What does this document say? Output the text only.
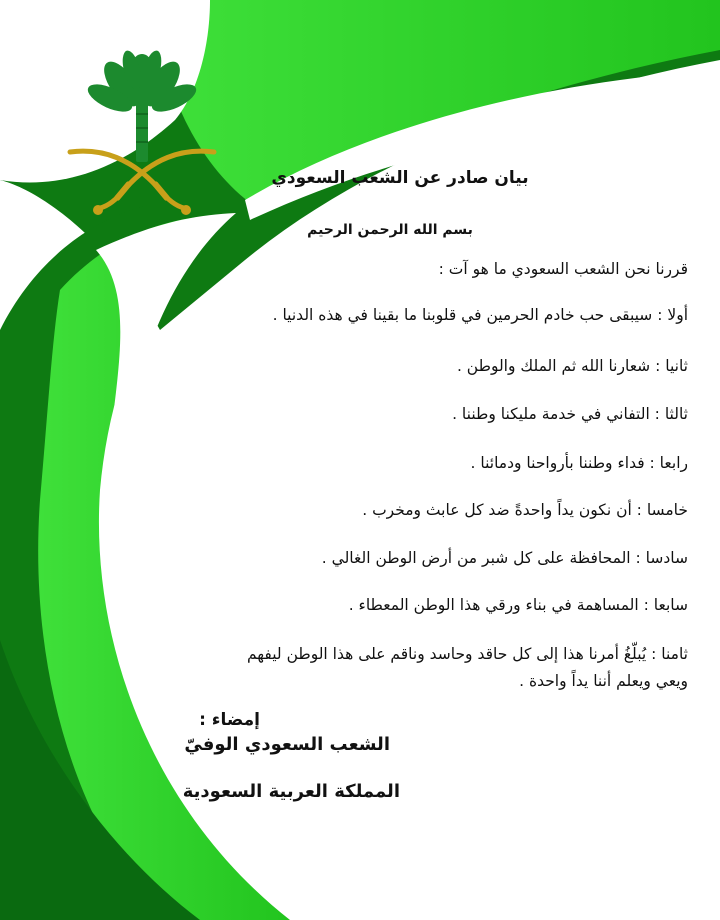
بيان صادر عن الشعب السعودي
بسم الله الرحمن الرحيم
قررنا نحن الشعب السعودي ما هو آت :
أولا : سيبقى حب خادم الحرمين في قلوبنا ما بقينا في هذه الدنيا .
ثانيا : شعارنا الله ثم الملك والوطن .
ثالثا : التفاني في خدمة مليكنا وطننا .
رابعا : فداء وطننا بأرواحنا ودمائنا .
خامسا : أن نكون يداً واحدةً ضد كل عابث ومخرب .
سادسا : المحافظة على كل شبر من أرض الوطن الغالي .
سابعا : المساهمة في بناء ورقي هذا الوطن المعطاء .
ثامنا : يُبلّغُ أمرنا هذا إلى كل حاقد وحاسد وناقم على هذا الوطن ليفهم
ويعي ويعلم أننا يداً واحدة .
إمضاء :
الشعب السعودي الوفيّ
المملكة العربية السعودية
